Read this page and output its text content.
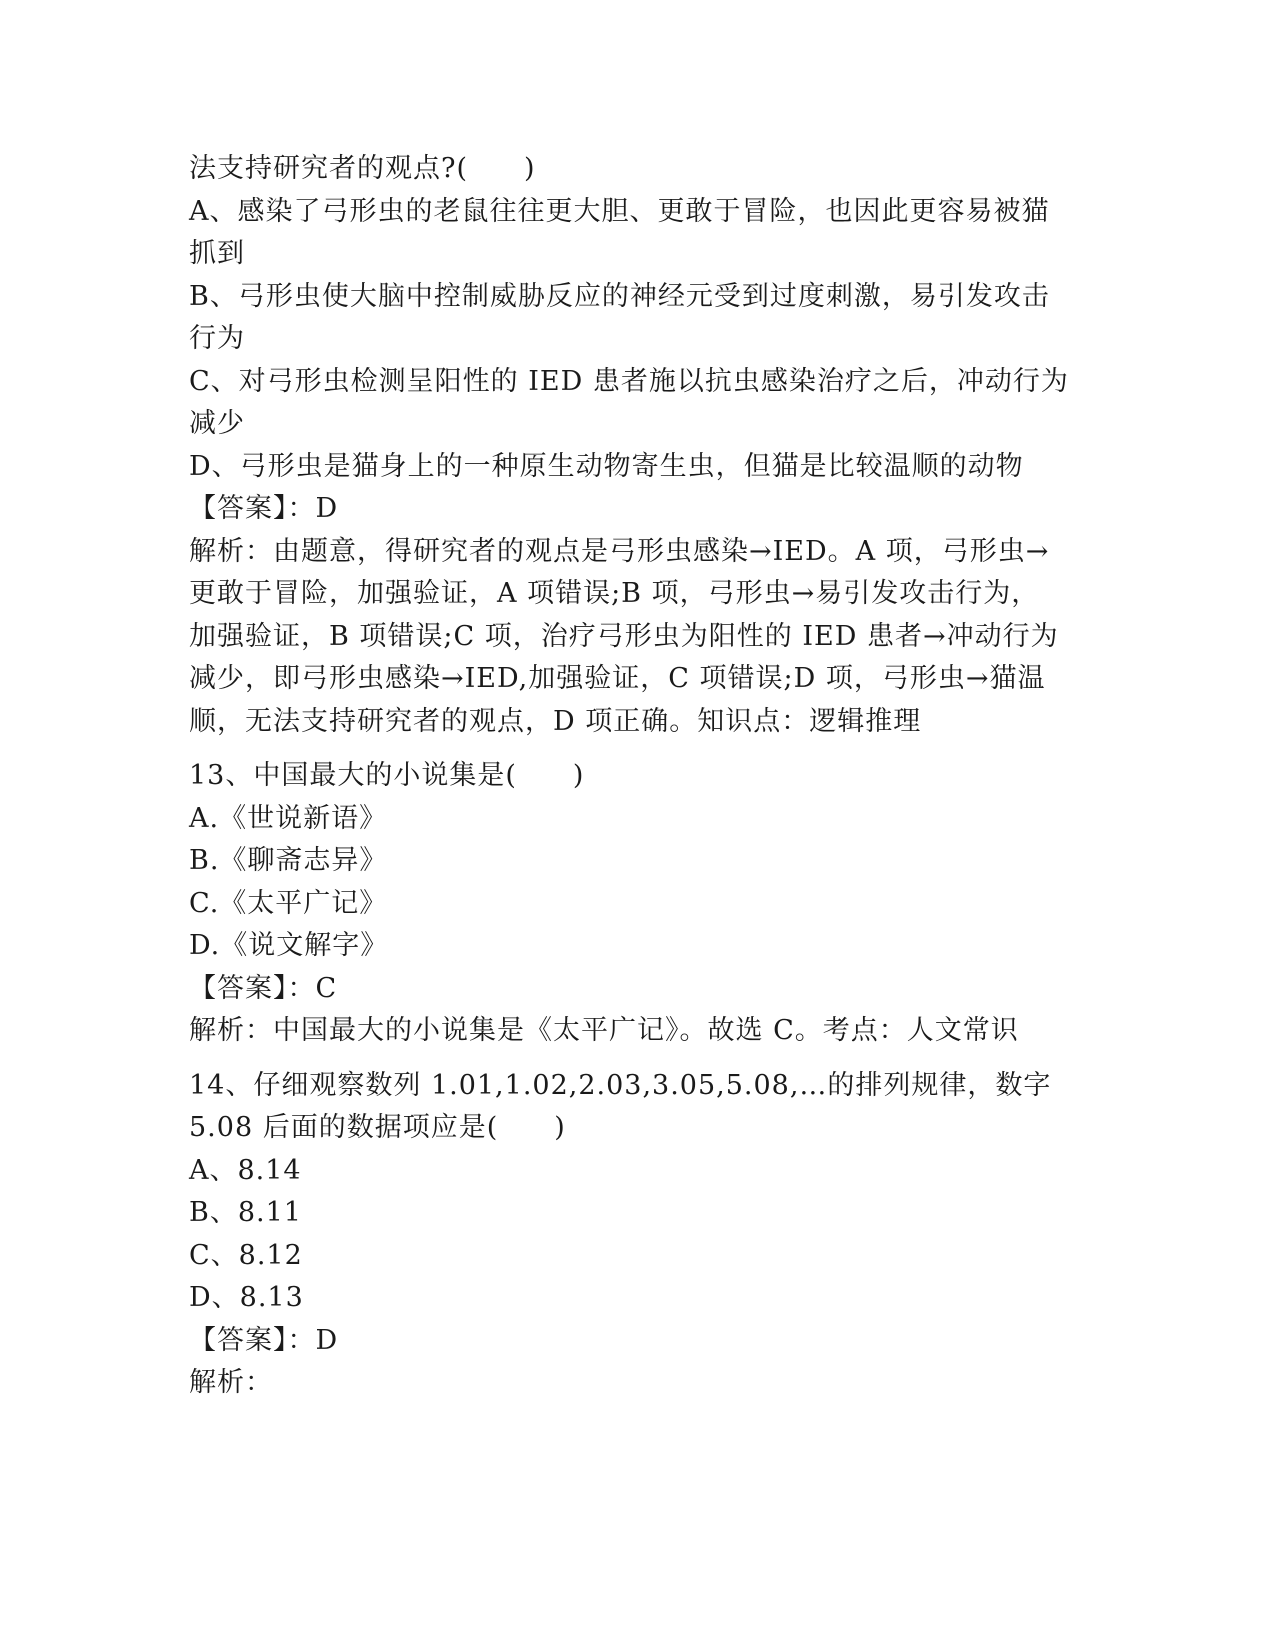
法支持研究者的观点?(　　)
A、感染了弓形虫的老鼠往往更大胆、更敢于冒险，也因此更容易被猫
抓到
B、弓形虫使大脑中控制威胁反应的神经元受到过度刺激，易引发攻击
行为
C、对弓形虫检测呈阳性的 IED 患者施以抗虫感染治疗之后，冲动行为
减少
D、弓形虫是猫身上的一种原生动物寄生虫，但猫是比较温顺的动物
【答案】：D
解析：由题意，得研究者的观点是弓形虫感染→IED。A 项，弓形虫→
更敢于冒险，加强验证，A 项错误;B 项，弓形虫→易引发攻击行为，
加强验证，B 项错误;C 项，治疗弓形虫为阳性的 IED 患者→冲动行为
减少，即弓形虫感染→IED,加强验证，C 项错误;D 项，弓形虫→猫温
顺，无法支持研究者的观点，D 项正确。知识点：逻辑推理
13、中国最大的小说集是(　　)
A.《世说新语》
B.《聊斋志异》
C.《太平广记》
D.《说文解字》
【答案】：C
解析：中国最大的小说集是《太平广记》。故选 C。考点：人文常识
14、仔细观察数列 1.01,1.02,2.03,3.05,5.08,…的排列规律，数字
5.08 后面的数据项应是(　　)
A、8.14
B、8.11
C、8.12
D、8.13
【答案】：D
解析：
